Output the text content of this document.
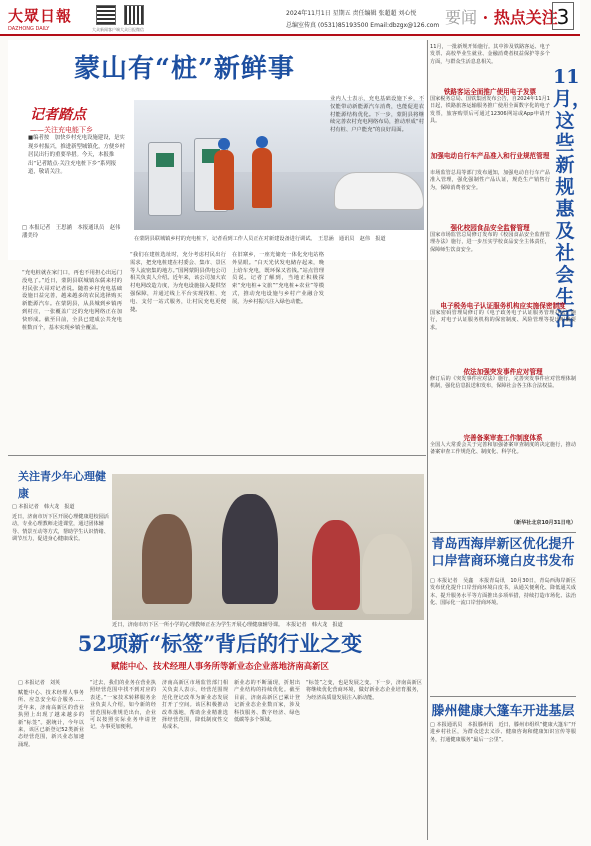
大眾日報
DAZHONG DAILY	大众新闻客户端 大众日报微信
2024年11月1日 星期五 责任编辑 张超超 刘心悦
总编室传真 (0531)85193500 Email:dbzgx@126.com 要闻 · 热点关注
3
蒙山有“桩”新鲜事
记者踏点
——关注充电能下乡
■编者按　加快乡村充电设施建设，是实现乡村振兴，推进新型城镇化，方便乡村居民出行的重要举措。今天，本报推出“记者踏点·关注充电桩下乡”系列报道，敬请关注。
□ 本报记者　王思涵　本报通讯员　赵伟　潘美玲	在蒙阴县联城镇乡村的充电桩下，记者看到工作人员正在对新建设备进行调试。　王思涵　通讯员　赵伟　报道
“充电桩就在家门口，再也不用担心出远门没电了。”近日，蒙阴县联城镇东儒来村的村民张大哥对记者说。随着乡村充电基础设施日益完善，越来越多的农民选择购买新能源汽车。在蒙阴县，从县城到乡镇再到村庄，一张覆盖广泛的充电网络正在加快形成。截至目前，全县已建成公共充电桩数百个，基本实现乡镇全覆盖。
“我们在建桩选址时，充分考虑村民出行需求，把充电桩建在村委会、集市、景区等人流密集的地方。”国网蒙阴县供电公司相关负责人介绍。近年来，该公司加大农村电网改造力度，为充电设施接入提供坚强保障，并通过线上平台实现找桩、充电、支付一站式服务，让村民充电更便捷。
在旧寨乡，一座光储充一体化充电站格外显眼。“白天光伏发电储存起来，晚上给车充电，既环保又省钱。”站点管理员说。记者了解到，当地正积极探索“充电桩+文旅”“充电桩+农业”等模式，推动充电设施与乡村产业融合发展，为乡村振兴注入绿色动能。
业内人士表示，充电基础设施下乡，不仅能带动新能源汽车消费，也能促进农村能源结构优化。下一步，蒙阴县将继续完善农村充电网络布局，推动形成“村村有桩、户户能充”的良好局面。
11月，一批新规开始施行。其中涉及铁路客运、电子发票、高校毕业生就业、金融消费者权益保护等多个方面，与群众生活息息相关。
11月，这些新规惠及社会生活
铁路客运全面推广使用电子发票
国家税务总局、国铁集团发布公告，自2024年11月1日起，铁路旅客运输服务推广使用全面数字化的电子发票，旅客购票后可通过12306网站或App申请开具。
加强电动自行车产品准入和行业规范管理
市场监管总局等部门发布通知，加强电动自行车产品准入管理，强化强制性产品认证，规范生产销售行为，保障消费者安全。
强化校园食品安全监督管理
国家市场监管总局修订发布的《校园食品安全监督管理办法》施行，进一步压实学校食品安全主体责任，保障师生饮食安全。
电子税务电子认证服务机构应实施保密制度
国家密码管理局修订的《电子政务电子认证服务管理办法》施行，对电子认证服务机构的保密制度、风险管理等提出明确要求。
依法加强突发事件应对管理
修订后的《突发事件应对法》施行，完善突发事件应对管理体制机制，强化信息报送和发布，保障社会各主体合法权益。
完善备案审查工作制度体系
全国人大常委会关于完善和加强备案审查制度的决定施行，推动备案审查工作规范化、制度化、科学化。
（新华社北京10月31日电）
青岛西海岸新区优化提升口岸营商环境白皮书发布
□ 本报记者　吴鑫　本报青岛讯　10月30日，青岛西海岸新区发布优化提升口岸营商环境白皮书，从通关便利化、降低通关成本、提升服务水平等方面推出多项举措，持续打造市场化、法治化、国际化一流口岸营商环境。
滕州健康大篷车开进基层
□ 本报通讯员　本报滕州讯　近日，滕州市组织“健康大篷车”开进乡村社区，为群众送去义诊、健康咨询和健康知识宣传等服务，打通健康服务“最后一公里”。
关注青少年心理健康
□ 本报记者　韩大龙　报道
近日，济南市历下区开展心理健康进校园活动，专业心理教师走进课堂，通过团体辅导、情景互动等方式，帮助学生认识情绪、调节压力，促进身心健康成长。
近日，济南市历下区一所小学的心理教师正在为学生开展心理健康辅导课。　本报记者　韩大龙　报道
52项新“标签”背后的行业之变
赋能中心、技术经理人事务所等新业态企业落地济南高新区
□ 本报记者　刘英
赋能中心、技术经理人事务所、应急安全综合服务……近年来，济南高新区的营业执照上出现了越来越多的新“标签”。据统计，今年以来，该区已新登记52类新业态经营范围，新兴业态加速涌现。
“过去，我们的业务在营业执照经营范围中找不到对应的表述。”一家技术转移服务企业负责人介绍，如今新的经营范围标准规范出台，企业可以按照实际业务申请登记，办事更加便利。
济南高新区市场监管部门相关负责人表示，经营范围规范化登记改革为新业态发展打开了空间。该区积极推动改革落地，帮助企业精准选择经营范围，降低制度性交易成本。
新业态的不断涌现，折射出产业结构的持续优化。截至目前，济南高新区已累计登记新业态企业数百家，涉及科技服务、数字经济、绿色低碳等多个领域。
“标签”之变，也是发展之变。下一步，济南高新区将继续优化营商环境，做好新业态企业培育服务，为经济高质量发展注入新动能。
